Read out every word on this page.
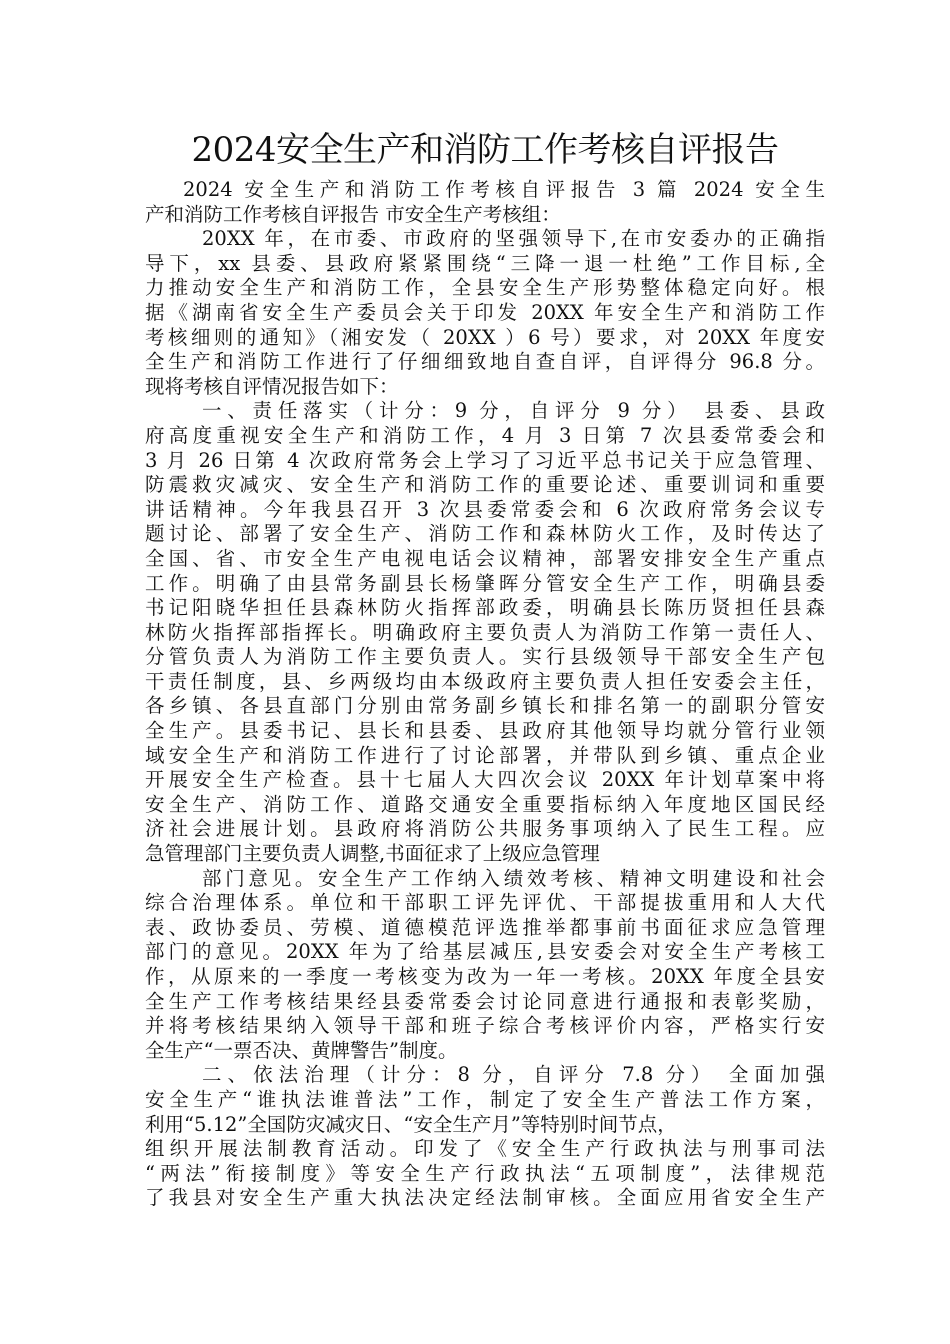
2024安全生产和消防工作考核自评报告
2024 安全生产和消防工作考核自评报告 3 篇 2024 安全生
产和消防工作考核自评报告 市安全生产考核组：
20XX 年，在市委、市政府的坚强领导下,在市安委办的正确指
导下，xx 县委、县政府紧紧围绕“三降一退一杜绝”工作目标,全
力推动安全生产和消防工作，全县安全生产形势整体稳定向好。根
据《湖南省安全生产委员会关于印发 20XX 年安全生产和消防工作
考核细则的通知》（湘安发（ 20XX ）6 号）要求，对 20XX 年度安
全生产和消防工作进行了仔细细致地自查自评，自评得分 96.8 分。
现将考核自评情况报告如下：
一、责任落实（计分：9 分，自评分 9 分） 县委、县政
府高度重视安全生产和消防工作，4 月 3 日第 7 次县委常委会和
3 月 26 日第 4 次政府常务会上学习了习近平总书记关于应急管理、
防震救灾减灾、安全生产和消防工作的重要论述、重要训词和重要
讲话精神。今年我县召开 3 次县委常委会和 6 次政府常务会议专
题讨论、部署了安全生产、消防工作和森林防火工作，及时传达了
全国、省、市安全生产电视电话会议精神，部署安排安全生产重点
工作。明确了由县常务副县长杨肇晖分管安全生产工作，明确县委
书记阳晓华担任县森林防火指挥部政委，明确县长陈历贤担任县森
林防火指挥部指挥长。明确政府主要负责人为消防工作第一责任人、
分管负责人为消防工作主要负责人。实行县级领导干部安全生产包
干责任制度，县、乡两级均由本级政府主要负责人担任安委会主任，
各乡镇、各县直部门分别由常务副乡镇长和排名第一的副职分管安
全生产。县委书记、县长和县委、县政府其他领导均就分管行业领
域安全生产和消防工作进行了讨论部署，并带队到乡镇、重点企业
开展安全生产检查。县十七届人大四次会议 20XX 年计划草案中将
安全生产、消防工作、道路交通安全重要指标纳入年度地区国民经
济社会进展计划。县政府将消防公共服务事项纳入了民生工程。应
急管理部门主要负责人调整,书面征求了上级应急管理
部门意见。安全生产工作纳入绩效考核、精神文明建设和社会
综合治理体系。单位和干部职工评先评优、干部提拔重用和人大代
表、政协委员、劳模、道德模范评选推举都事前书面征求应急管理
部门的意见。20XX 年为了给基层减压,县安委会对安全生产考核工
作，从原来的一季度一考核变为改为一年一考核。20XX 年度全县安
全生产工作考核结果经县委常委会讨论同意进行通报和表彰奖励，
并将考核结果纳入领导干部和班子综合考核评价内容，严格实行安
全生产“一票否决、黄牌警告”制度。
二、依法治理（计分：8 分，自评分 7.8 分） 全面加强
安全生产“谁执法谁普法”工作，制定了安全生产普法工作方案，
利用“5.12”全国防灾减灾日、“安全生产月”等特别时间节点，
组织开展法制教育活动。印发了《安全生产行政执法与刑事司法
“两法”衔接制度》等安全生产行政执法“五项制度”，法律规范
了我县对安全生产重大执法决定经法制审核。全面应用省安全生产
